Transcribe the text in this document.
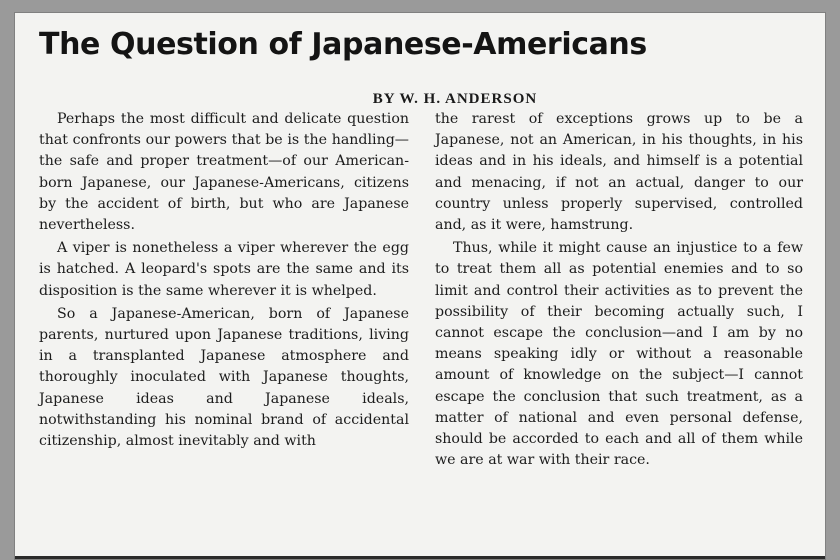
The Question of Japanese-Americans
BY W. H. ANDERSON

Perhaps the most difficult and delicate question that confronts our powers that be is the handling—the safe and proper treatment—of our American-born Japanese, our Japanese-Americans, citizens by the accident of birth, but who are Japanese nevertheless.

A viper is nonetheless a viper wherever the egg is hatched. A leopard's spots are the same and its disposition is the same wherever it is whelped.

So a Japanese-American, born of Japanese parents, nurtured upon Japanese traditions, living in a transplanted Japanese atmosphere and thoroughly inoculated with Japanese thoughts, Japanese ideas and Japanese ideals, notwithstanding his nominal brand of accidental citizenship, almost inevitably and with

the rarest of exceptions grows up to be a Japanese, not an American, in his thoughts, in his ideas and in his ideals, and himself is a potential and menacing, if not an actual, danger to our country unless properly supervised, controlled and, as it were, hamstrung.

Thus, while it might cause an injustice to a few to treat them all as potential enemies and to so limit and control their activities as to prevent the possibility of their becoming actually such, I cannot escape the conclusion—and I am by no means speaking idly or without a reasonable amount of knowledge on the subject—I cannot escape the conclusion that such treatment, as a matter of national and even personal defense, should be accorded to each and all of them while we are at war with their race.
